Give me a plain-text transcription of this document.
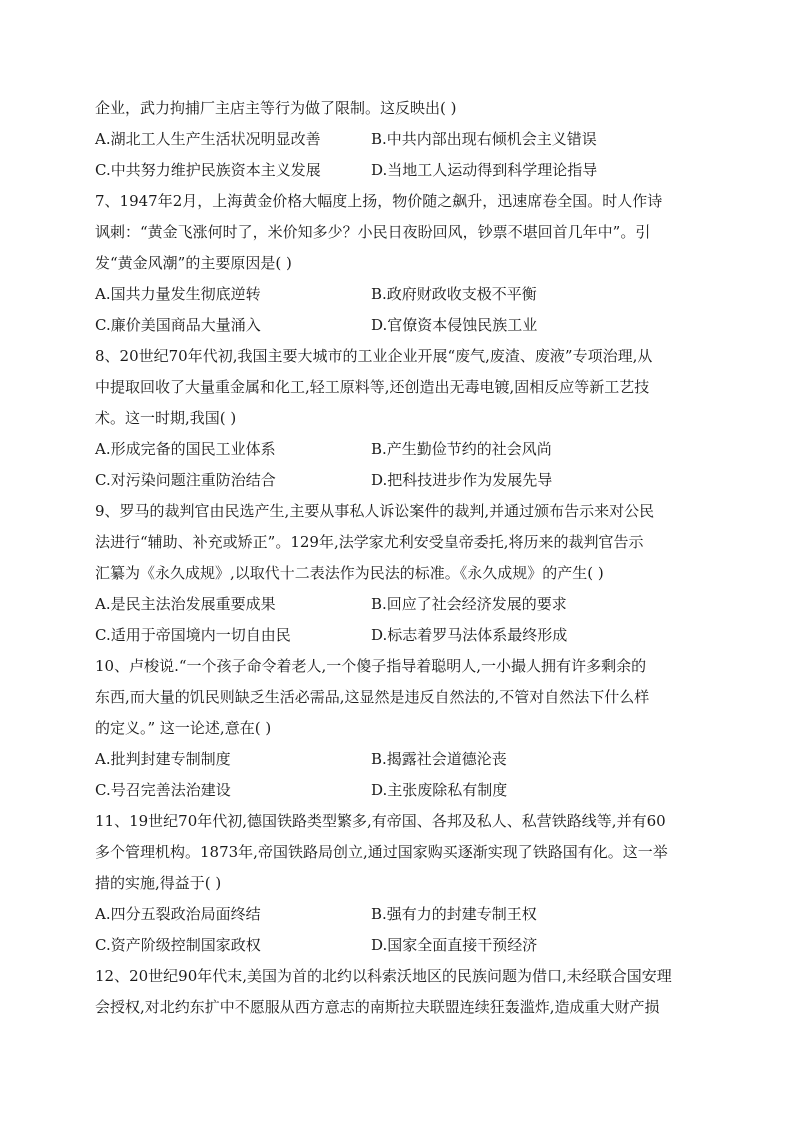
企业，武力拘捕厂主店主等行为做了限制。这反映出( )
A.湖北工人生产生活状况明显改善	B.中共内部出现右倾机会主义错误
C.中共努力维护民族资本主义发展	D.当地工人运动得到科学理论指导
7、1947年2月，上海黄金价格大幅度上扬，物价随之飙升，迅速席卷全国。时人作诗
讽刺：“黄金飞涨何时了，米价知多少？小民日夜盼回风，钞票不堪回首几年中”。引
发“黄金风潮”的主要原因是( )
A.国共力量发生彻底逆转	B.政府财政收支极不平衡
C.廉价美国商品大量涌入	D.官僚资本侵蚀民族工业
8、20世纪70年代初,我国主要大城市的工业企业开展“废气,废渣、废液”专项治理,从
中提取回收了大量重金属和化工,轻工原料等,还创造出无毒电镀,固相反应等新工艺技
术。这一时期,我国( )
A.形成完备的国民工业体系	B.产生勤俭节约的社会风尚
C.对污染问题注重防治结合	D.把科技进步作为发展先导
9、罗马的裁判官由民选产生,主要从事私人诉讼案件的裁判,并通过颁布告示来对公民
法进行“辅助、补充或矫正”。129年,法学家尤利安受皇帝委托,将历来的裁判官告示
汇纂为《永久成规》,以取代十二表法作为民法的标准。《永久成规》的产生( )
A.是民主法治发展重要成果	B.回应了社会经济发展的要求
C.适用于帝国境内一切自由民	D.标志着罗马法体系最终形成
10、卢梭说.“一个孩子命令着老人,一个傻子指导着聪明人,一小撮人拥有许多剩余的
东西,而大量的饥民则缺乏生活必需品,这显然是违反自然法的,不管对自然法下什么样
的定义。” 这一论述,意在( )
A.批判封建专制制度	B.揭露社会道德沦丧
C.号召完善法治建设	D.主张废除私有制度
11、19世纪70年代初,德国铁路类型繁多,有帝国、各邦及私人、私营铁路线等,并有60
多个管理机构。1873年,帝国铁路局创立,通过国家购买逐渐实现了铁路国有化。这一举
措的实施,得益于( )
A.四分五裂政治局面终结	B.强有力的封建专制王权
C.资产阶级控制国家政权	D.国家全面直接干预经济
12、20世纪90年代末,美国为首的北约以科索沃地区的民族问题为借口,未经联合国安理
会授权,对北约东扩中不愿服从西方意志的南斯拉夫联盟连续狂轰滥炸,造成重大财产损
